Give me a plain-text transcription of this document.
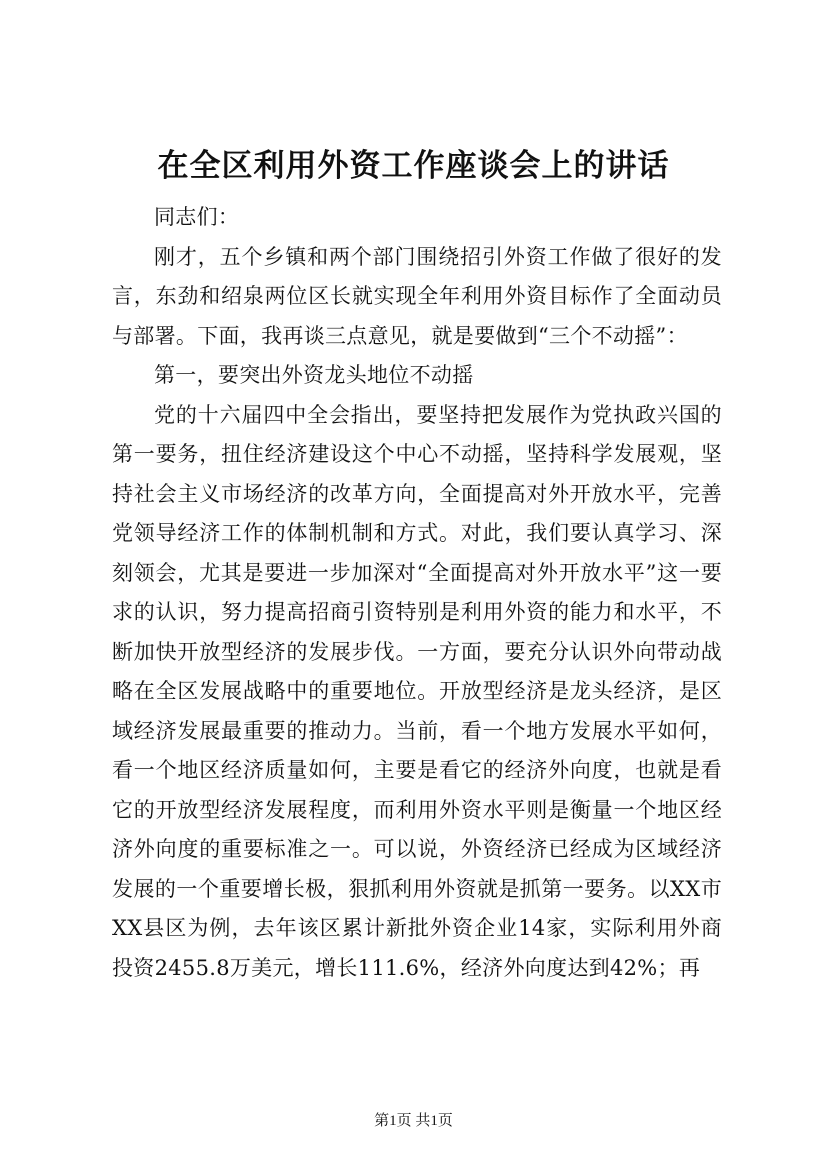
在全区利用外资工作座谈会上的讲话

同志们：

刚才，五个乡镇和两个部门围绕招引外资工作做了很好的发言，东劲和绍泉两位区长就实现全年利用外资目标作了全面动员与部署。下面，我再谈三点意见，就是要做到“三个不动摇”：

第一，要突出外资龙头地位不动摇

党的十六届四中全会指出，要坚持把发展作为党执政兴国的第一要务，扭住经济建设这个中心不动摇，坚持科学发展观，坚持社会主义市场经济的改革方向，全面提高对外开放水平，完善党领导经济工作的体制机制和方式。对此，我们要认真学习、深刻领会，尤其是要进一步加深对“全面提高对外开放水平”这一要求的认识，努力提高招商引资特别是利用外资的能力和水平，不断加快开放型经济的发展步伐。一方面，要充分认识外向带动战略在全区发展战略中的重要地位。开放型经济是龙头经济，是区域经济发展最重要的推动力。当前，看一个地方发展水平如何，看一个地区经济质量如何，主要是看它的经济外向度，也就是看它的开放型经济发展程度，而利用外资水平则是衡量一个地区经济外向度的重要标准之一。可以说，外资经济已经成为区域经济发展的一个重要增长极，狠抓利用外资就是抓第一要务。以XX市XX县区为例，去年该区累计新批外资企业14家，实际利用外商投资2455.8万美元，增长111.6%，经济外向度达到42%；再

第1页 共1页
